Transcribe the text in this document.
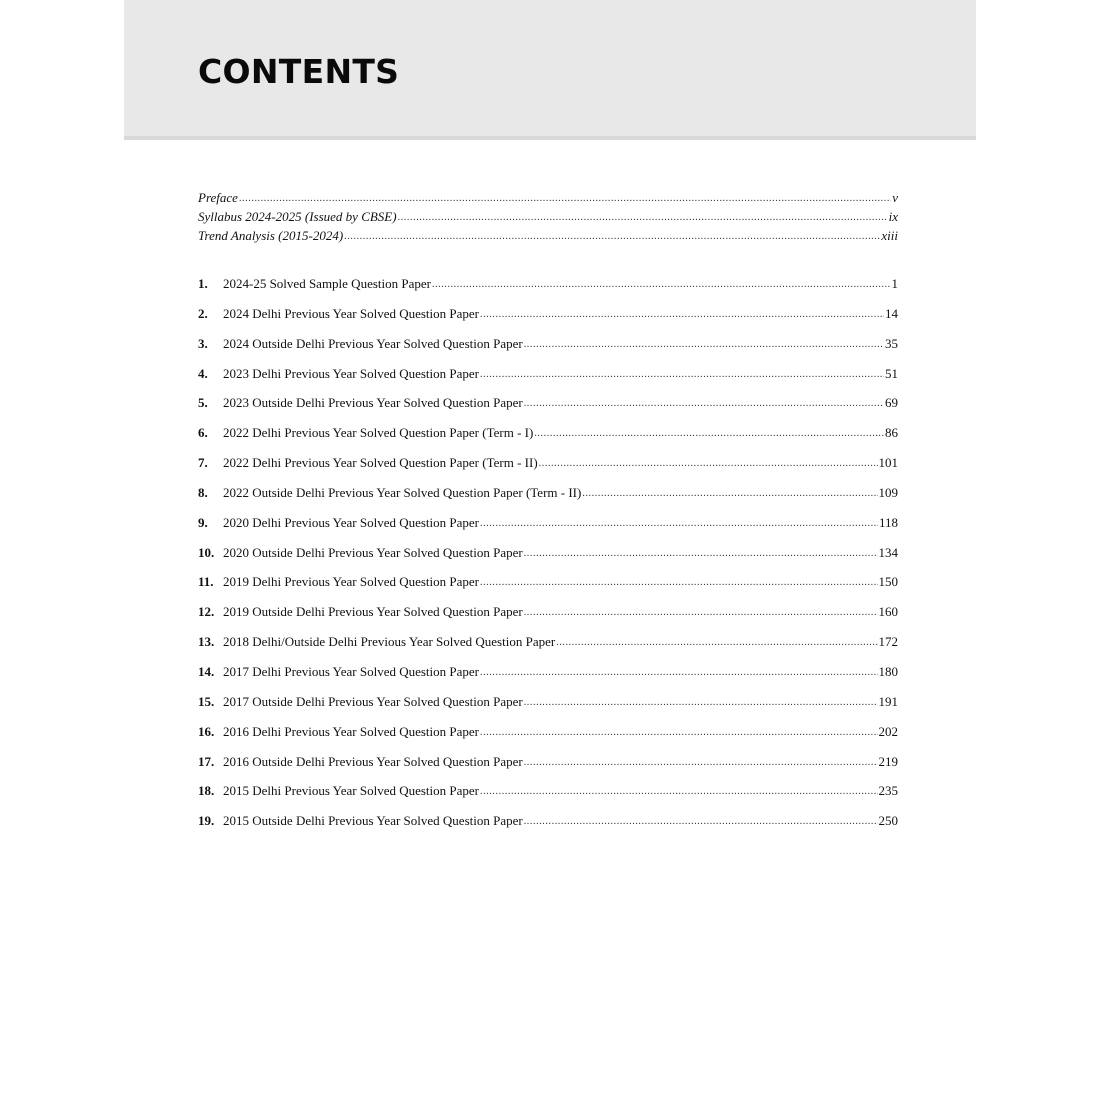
CONTENTS
Preface .....	v
Syllabus 2024-2025 (Issued by CBSE) .....	ix
Trend Analysis (2015-2024) .....	xiii
1.	2024-25 Solved Sample Question Paper .....	1
2.	2024 Delhi Previous Year Solved Question Paper .....	14
3.	2024 Outside Delhi Previous Year Solved Question Paper .....	35
4.	2023 Delhi Previous Year Solved Question Paper .....	51
5.	2023 Outside Delhi Previous Year Solved Question Paper .....	69
6.	2022 Delhi Previous Year Solved Question Paper (Term - I) .....	86
7.	2022 Delhi Previous Year Solved Question Paper (Term - II) .....	101
8.	2022 Outside Delhi Previous Year Solved Question Paper (Term - II) .....	109
9.	2020 Delhi Previous Year Solved Question Paper .....	118
10. 2020 Outside Delhi Previous Year Solved Question Paper .....	134
11. 2019 Delhi Previous Year Solved Question Paper .....	150
12. 2019 Outside Delhi Previous Year Solved Question Paper .....	160
13. 2018 Delhi/Outside Delhi Previous Year Solved Question Paper .....	172
14. 2017 Delhi Previous Year Solved Question Paper .....	180
15. 2017 Outside Delhi Previous Year Solved Question Paper .....	191
16. 2016 Delhi Previous Year Solved Question Paper .....	202
17. 2016 Outside Delhi Previous Year Solved Question Paper .....	219
18. 2015 Delhi Previous Year Solved Question Paper .....	235
19. 2015 Outside Delhi Previous Year Solved Question Paper .....	250
